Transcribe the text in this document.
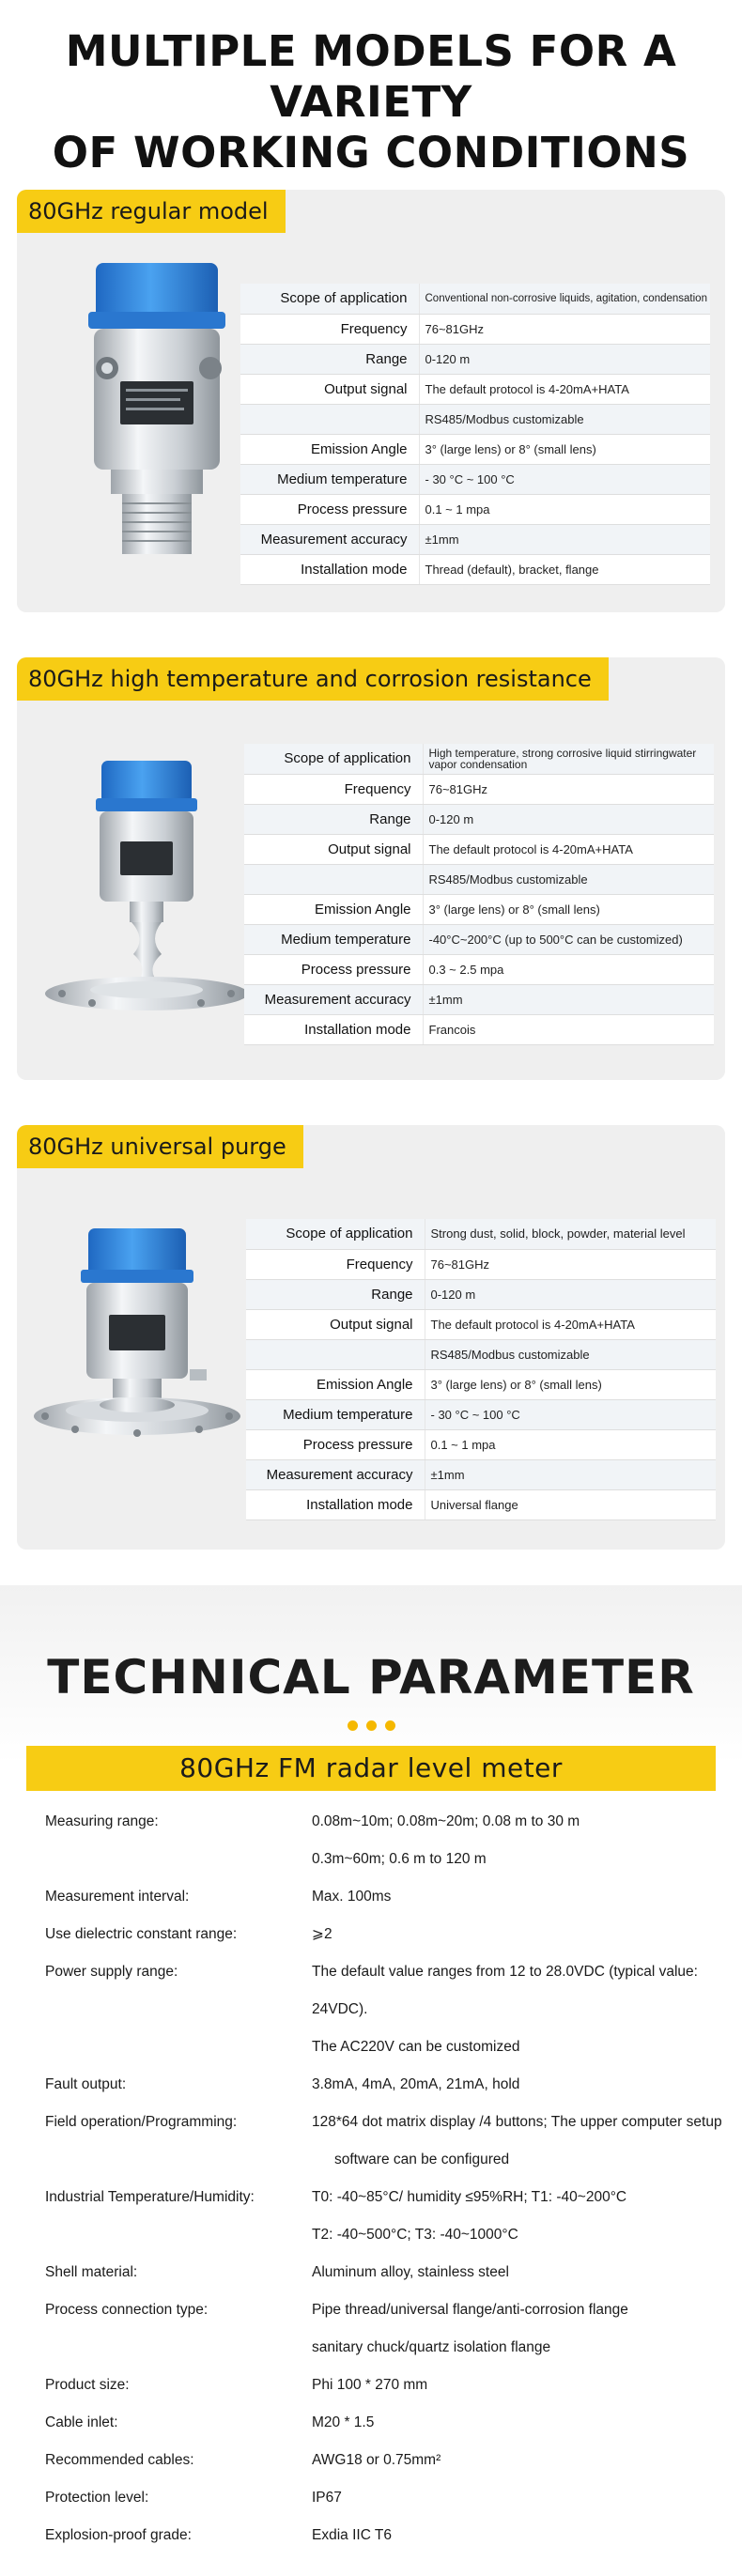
MULTIPLE MODELS FOR A VARIETY
OF WORKING CONDITIONS
80GHz regular model
Scope of application	Conventional non-corrosive liquids, agitation, condensation
Frequency	76~81GHz
Range	0-120 m
Output signal	The default protocol is 4-20mA+HATA
	RS485/Modbus customizable
Emission Angle	3° (large lens) or 8° (small lens)
Medium temperature	- 30 °C ~ 100 °C
Process pressure	0.1 ~ 1 mpa
Measurement accuracy	±1mm
Installation mode	Thread (default), bracket, flange
80GHz high temperature and corrosion resistance
Scope of application	High temperature, strong corrosive liquid stirringwater vapor condensation
Frequency	76~81GHz
Range	0-120 m
Output signal	The default protocol is 4-20mA+HATA
	RS485/Modbus customizable
Emission Angle	3° (large lens) or 8° (small lens)
Medium temperature	-40°C~200°C (up to 500°C can be customized)
Process pressure	0.3 ~ 2.5 mpa
Measurement accuracy	±1mm
Installation mode	Francois
80GHz universal purge
Scope of application	Strong dust, solid, block, powder, material level
Frequency	76~81GHz
Range	0-120 m
Output signal	The default protocol is 4-20mA+HATA
	RS485/Modbus customizable
Emission Angle	3° (large lens) or 8° (small lens)
Medium temperature	- 30 °C ~ 100 °C
Process pressure	0.1 ~ 1 mpa
Measurement accuracy	±1mm
Installation mode	Universal flange
TECHNICAL PARAMETER
80GHz FM radar level meter
Measuring range:	0.08m~10m; 0.08m~20m; 0.08 m to 30 m
0.3m~60m; 0.6 m to 120 m
Measurement interval:	Max. 100ms
Use dielectric constant range:	⩾2
Power supply range:	The default value ranges from 12 to 28.0VDC (typical value: 24VDC).
The AC220V can be customized
Fault output:	3.8mA, 4mA, 20mA, 21mA, hold
Field operation/Programming:	128*64 dot matrix display /4 buttons; The upper computer setup
software can be configured
Industrial Temperature/Humidity:	T0: -40~85°C/ humidity ≤95%RH; T1: -40~200°C
T2: -40~500°C; T3: -40~1000°C
Shell material:	Aluminum alloy, stainless steel
Process connection type:	Pipe thread/universal flange/anti-corrosion flange
sanitary chuck/quartz isolation flange
Product size:	Phi 100 * 270 mm
Cable inlet:	M20 * 1.5
Recommended cables:	AWG18 or 0.75mm²
Protection level:	IP67
Explosion-proof grade:	Exdia IIC T6
